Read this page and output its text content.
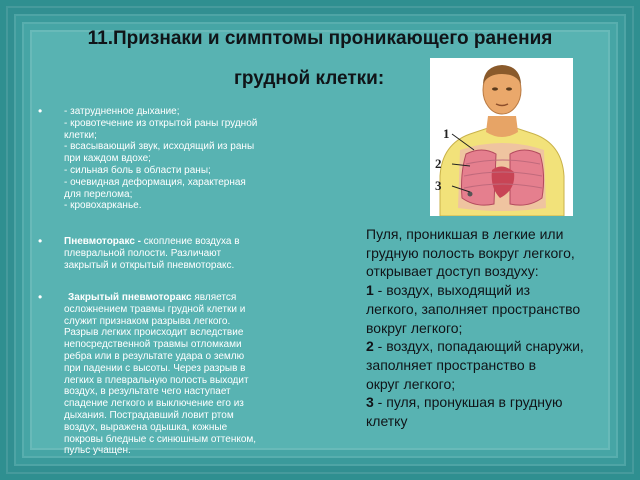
11.Признаки и симптомы проникающего ранения
грудной клетки:
• - затрудненное дыхание;
- кровотечение из открытой раны грудной
клетки;
- всасывающий звук, исходящий из раны
при каждом вдохе;
- сильная боль в области раны;
- очевидная деформация, характерная
для перелома;
- кровохарканье.
• Пневмоторакс - скопление воздуха в
плевральной полости. Различают
закрытый и открытый пневмоторакс.
•	Закрытый пневмоторакс является
осложнением травмы грудной клетки и
служит признаком разрыва легкого.
Разрыв легких происходит вследствие
непосредственной травмы отломками
ребра или в результате удара о землю
при падении с высоты. Через разрыв в
легких в плевральную полость выходит
воздух, в результате чего наступает
спадение легкого и выключение его из
дыхания. Пострадавший ловит ртом
воздух, выражена одышка, кожные
покровы бледные с синюшным оттенком,
пульс учащен.
1
2
3
Пуля, проникшая в легкие или
грудную полость вокруг легкого,
открывает доступ воздуху:
1 - воздух, выходящий из
легкого, заполняет пространство
вокруг легкого;
2 - воздух, попадающий снаружи,
заполняет пространство в
округ легкого;
3 - пуля, пронукшая в грудную
клетку
